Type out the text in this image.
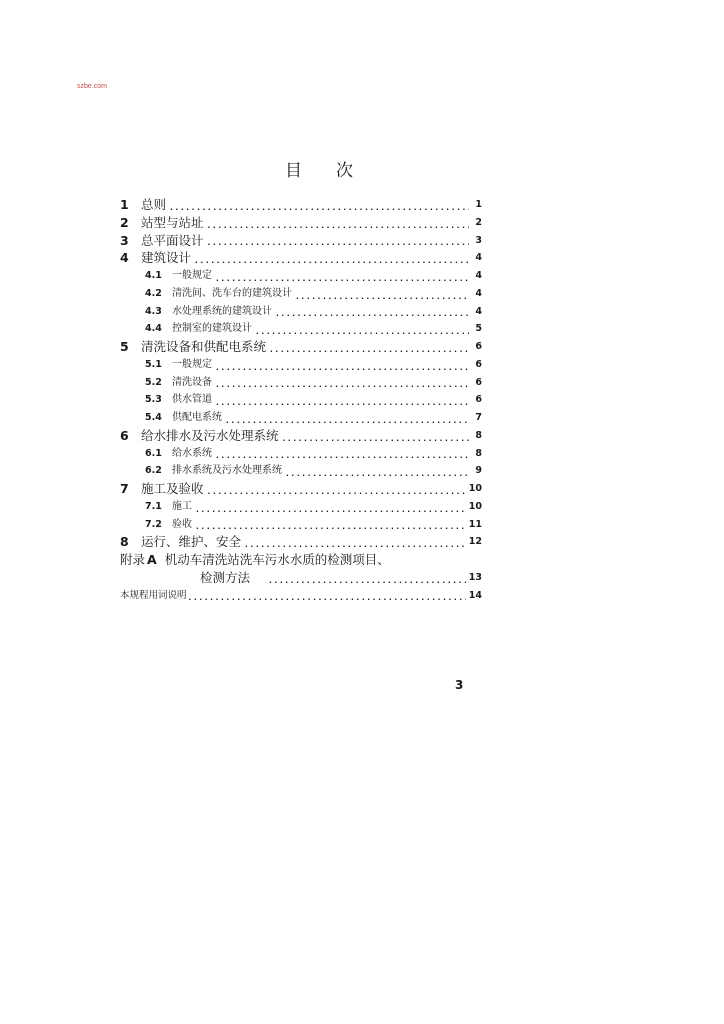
szbe.com
目次
1 总则 .....	1
2 站型与站址 .....	2
3 总平面设计 .....	3
4 建筑设计 .....	4
4.1	一般规定 .....	4
4.2	清洗间、洗车台的建筑设计 .....	4
4.3	水处理系统的建筑设计 .....	4
4.4	控制室的建筑设计 .....	5
5 清洗设备和供配电系统 .....	6
5.1	一般规定 .....	6
5.2	清洗设备 .....	6
5.3	供水管道 .....	6
5.4	供配电系统 .....	7
6 给水排水及污水处理系统 .....	8
6.1	给水系统 .....	8
6.2	排水系统及污水处理系统 .....	9
7 施工及验收 .....	10
7.1	施工 .....	10
7.2	验收 .....	11
8 运行、维护、安全 .....	12
附录 A 机动车清洗站洗车污水水质的检测项目、
检测方法 .....	13
本规程用词说明 .....	14
3
